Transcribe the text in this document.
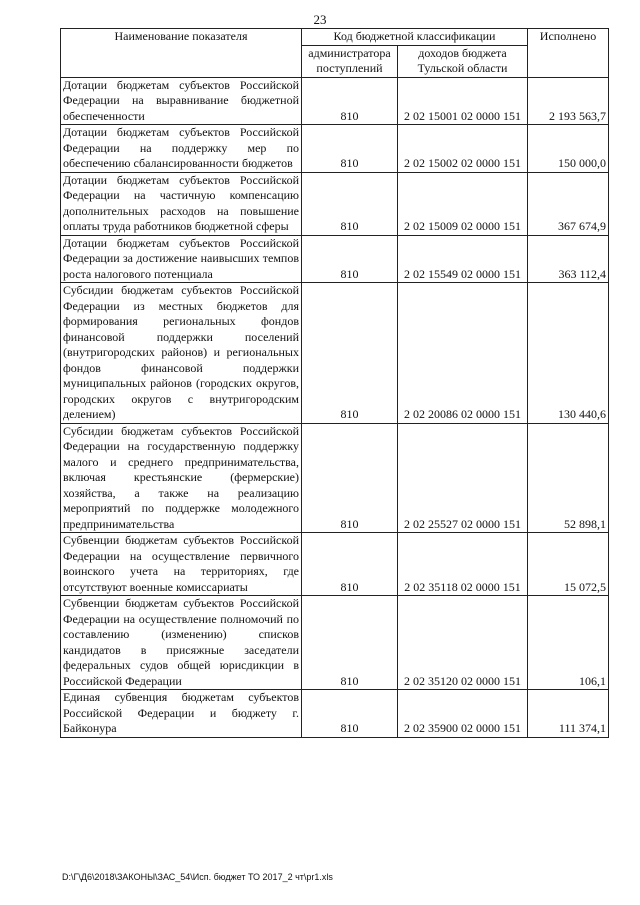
23
Наименование показателя	Код бюджетной классификации		Исполнено
	администратора поступлений	доходов бюджета Тульской области	
Дотации бюджетам субъектов Российской Федерации на выравнивание бюджетной обеспеченности	810	2 02 15001 02 0000 151	2 193 563,7
Дотации бюджетам субъектов Российской Федерации на поддержку мер по обеспечению сбалансированности бюджетов	810	2 02 15002 02 0000 151	150 000,0
Дотации бюджетам субъектов Российской Федерации на частичную компенсацию дополнительных расходов на повышение оплаты труда работников бюджетной сферы	810	2 02 15009 02 0000 151	367 674,9
Дотации бюджетам субъектов Российской Федерации за достижение наивысших темпов роста налогового потенциала	810	2 02 15549 02 0000 151	363 112,4
Субсидии бюджетам субъектов Российской Федерации из местных бюджетов для формирования региональных фондов финансовой поддержки поселений (внутригородских районов) и региональных фондов финансовой поддержки муниципальных районов (городских округов, городских округов с внутригородским делением)	810	2 02 20086 02 0000 151	130 440,6
Субсидии бюджетам субъектов Российской Федерации на государственную поддержку малого и среднего предпринимательства, включая крестьянские (фермерские) хозяйства, а также на реализацию мероприятий по поддержке молодежного предпринимательства	810	2 02 25527 02 0000 151	52 898,1
Субвенции бюджетам субъектов Российской Федерации на осуществление первичного воинского учета на территориях, где отсутствуют военные комиссариаты	810	2 02 35118 02 0000 151	15 072,5
Субвенции бюджетам субъектов Российской Федерации на осуществление полномочий по составлению (изменению) списков кандидатов в присяжные заседатели федеральных судов общей юрисдикции в Российской Федерации	810	2 02 35120 02 0000 151	106,1
Единая субвенция бюджетам субъектов Российской Федерации и бюджету г. Байконура	810	2 02 35900 02 0000 151	111 374,1
D:\Г\Д6\2018\ЗАКОНЫ\ЗАС_54\Исп. бюджет ТО 2017_2 чт\pr1.xls
